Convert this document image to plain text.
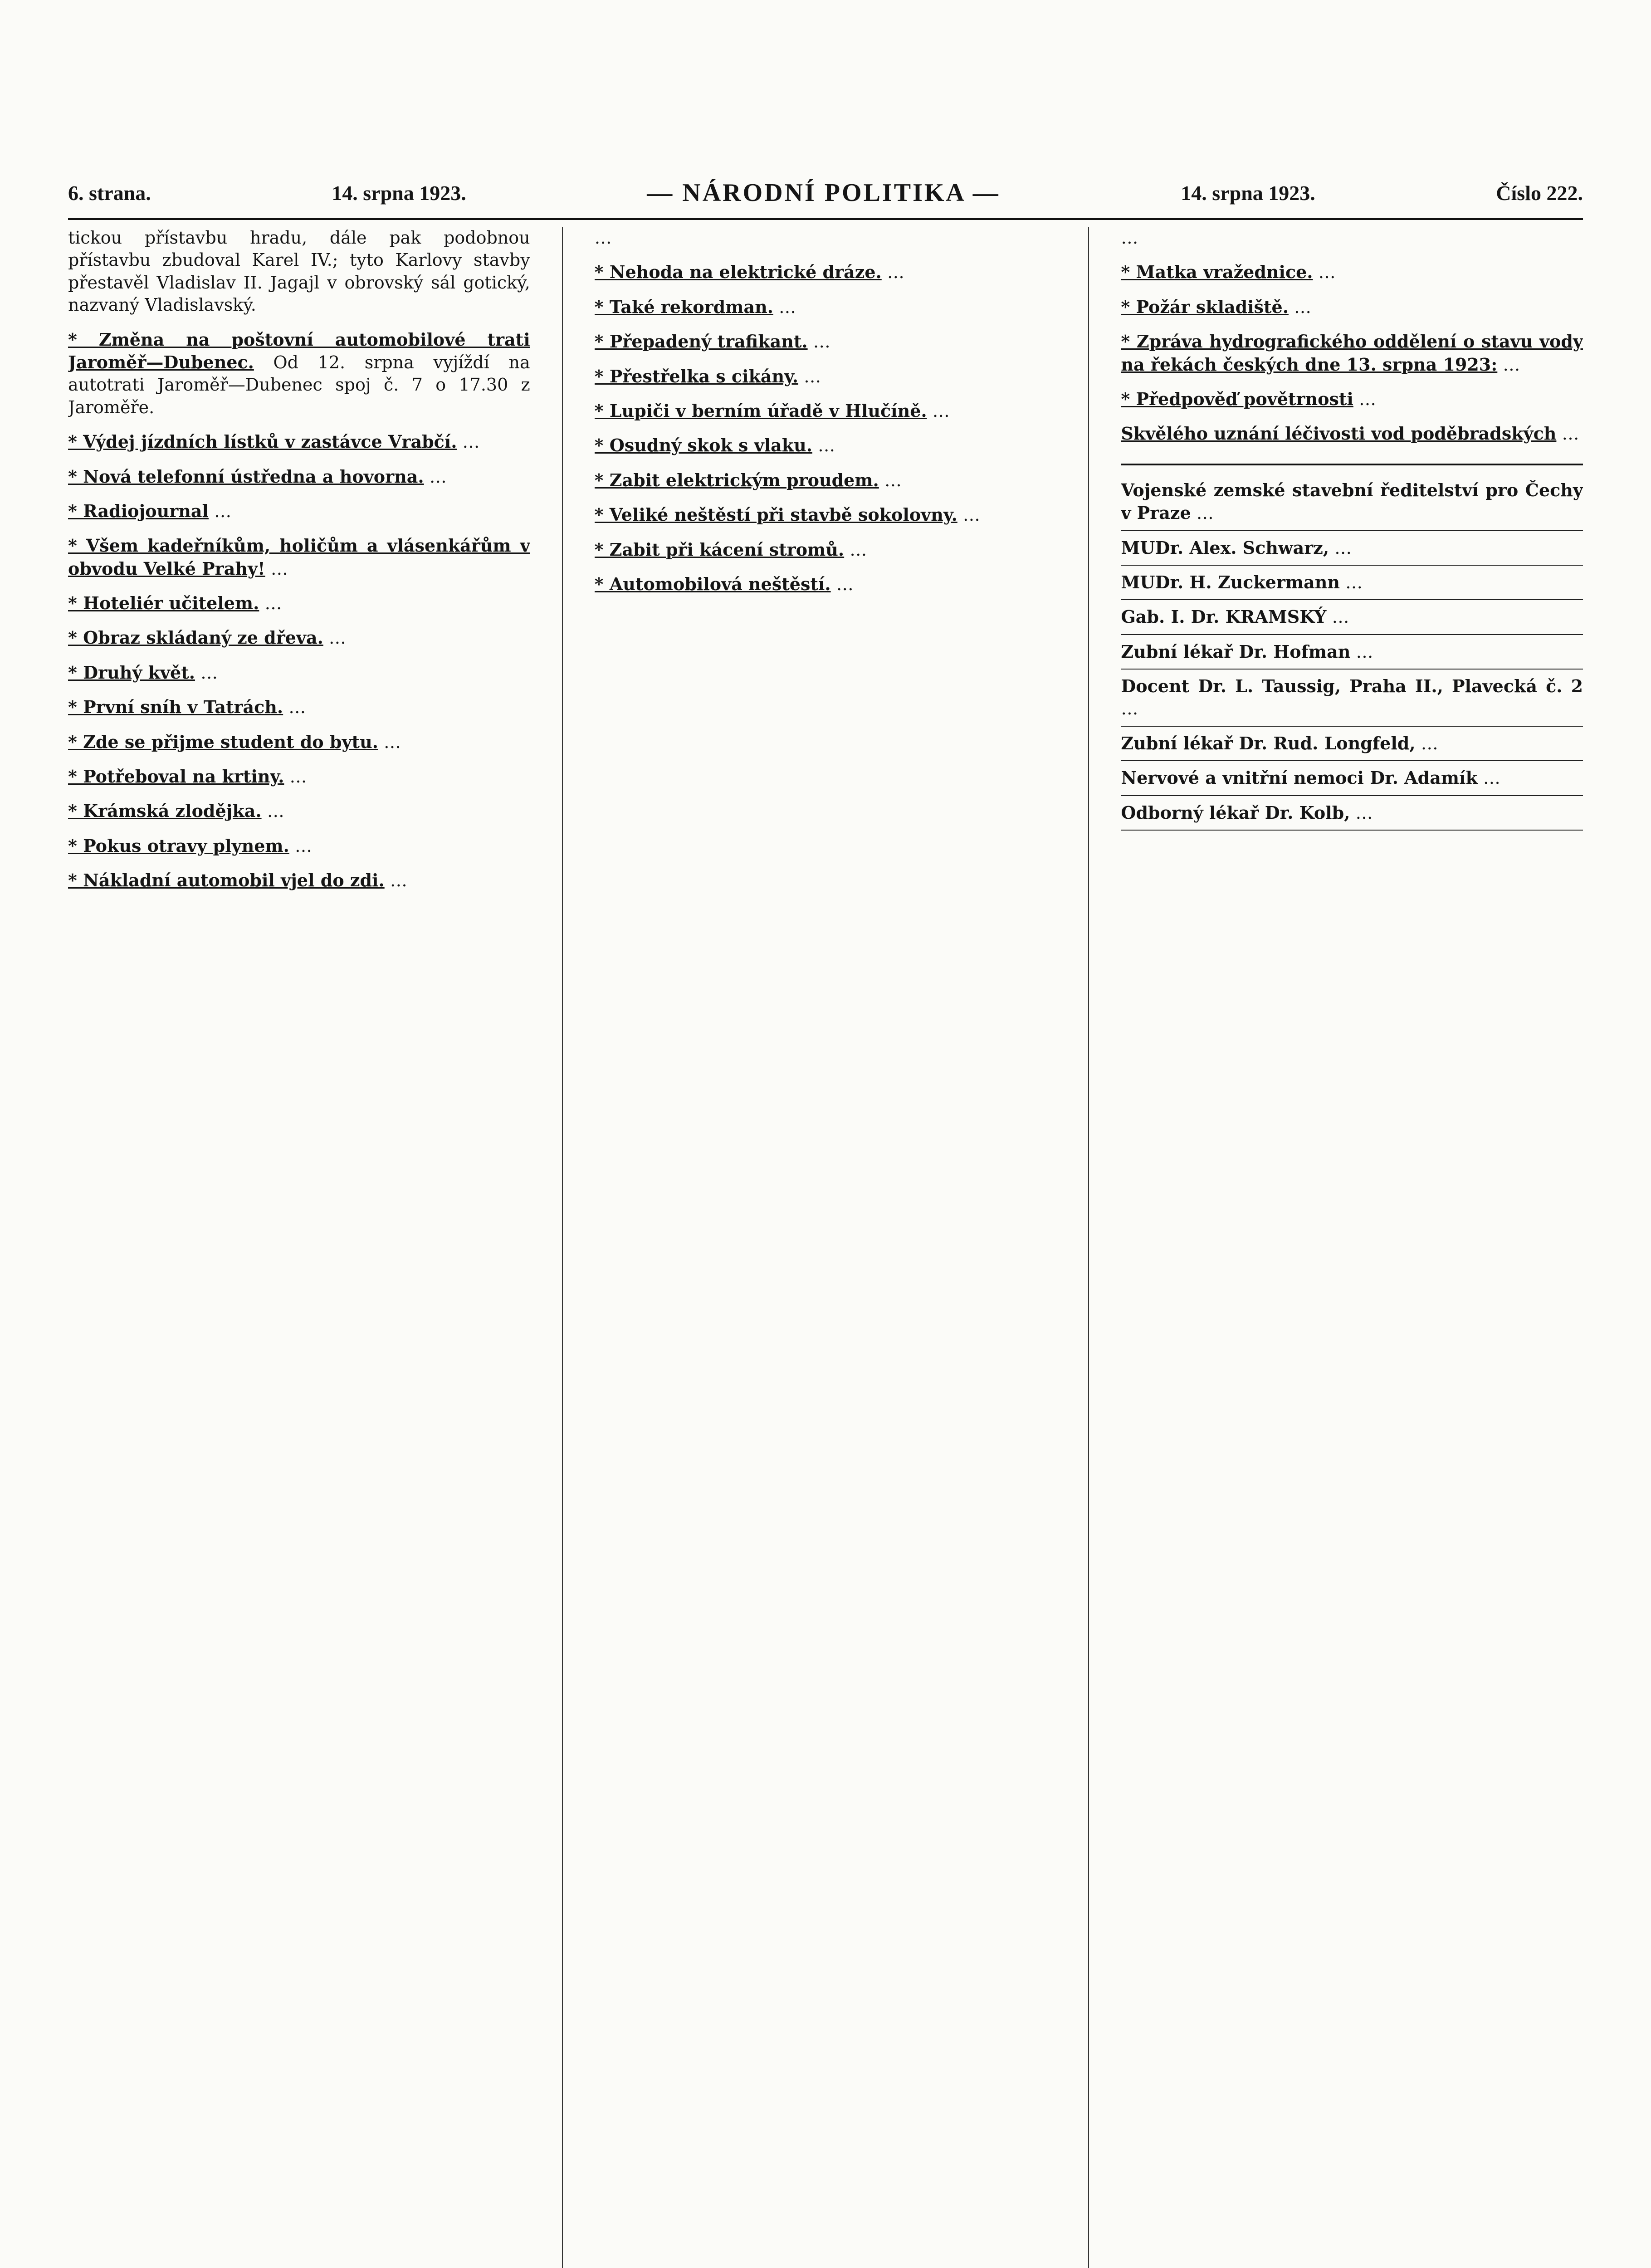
6. strana.	14. srpna 1923.	— NÁRODNÍ POLITIKA —	14. srpna 1923.	Číslo 222.
tickou přístavbu hradu, dále pak podobnou přístavbu zbudoval Karel IV.; tyto Karlovy stavby přestavěl Vladislav II. Jagajl v obrovský sál gotický, nazvaný Vladislavský.
* Změna na poštovní automobilové trati Jaroměř—Dubenec. Od 12. srpna vyjíždí na autotrati Jaroměř—Dubenec spoj č. 7 o 17.30 z Jaroměře.
* Výdej jízdních lístků v zastávce Vrabčí. …
* Nová telefonní ústředna a hovorna. …
* Radiojournal …
* Všem kadeřníkům, holičům a vlásenkářům v obvodu Velké Prahy! …
* Hoteliér učitelem. …
* Obraz skládaný ze dřeva. …
* Druhý květ. …
* První sníh v Tatrách. …
* Zde se přijme student do bytu. …
* Potřeboval na krtiny. …
* Krámská zlodějka. …
* Pokus otravy plynem. …
* Nákladní automobil vjel do zdi. …
…
* Nehoda na elektrické dráze. …
* Také rekordman. …
* Přepadený trafikant. …
* Přestřelka s cikány. …
* Lupiči v berním úřadě v Hlučíně. …
* Osudný skok s vlaku. …
* Zabit elektrickým proudem. …
* Veliké neštěstí při stavbě sokolovny. …
* Zabit při kácení stromů. …
* Automobilová neštěstí. …
…
* Matka vražednice. …
* Požár skladiště. …
* Zpráva hydrografického oddělení o stavu vody na řekách českých dne 13. srpna 1923: …
* Předpověď povětrnosti …
Skvělého uznání léčivosti vod poděbradských …
Vojenské zemské stavební ředitelství pro Čechy v Praze …
MUDr. Alex. Schwarz, …
MUDr. H. Zuckermann …
Gab. I. Dr. KRAMSKÝ …
Zubní lékař Dr. Hofman …
Docent Dr. L. Taussig, Praha II., Plavecká č. 2 …
Zubní lékař Dr. Rud. Longfeld, …
Nervové a vnitřní nemoci Dr. Adamík …
Odborný lékař Dr. Kolb, …
